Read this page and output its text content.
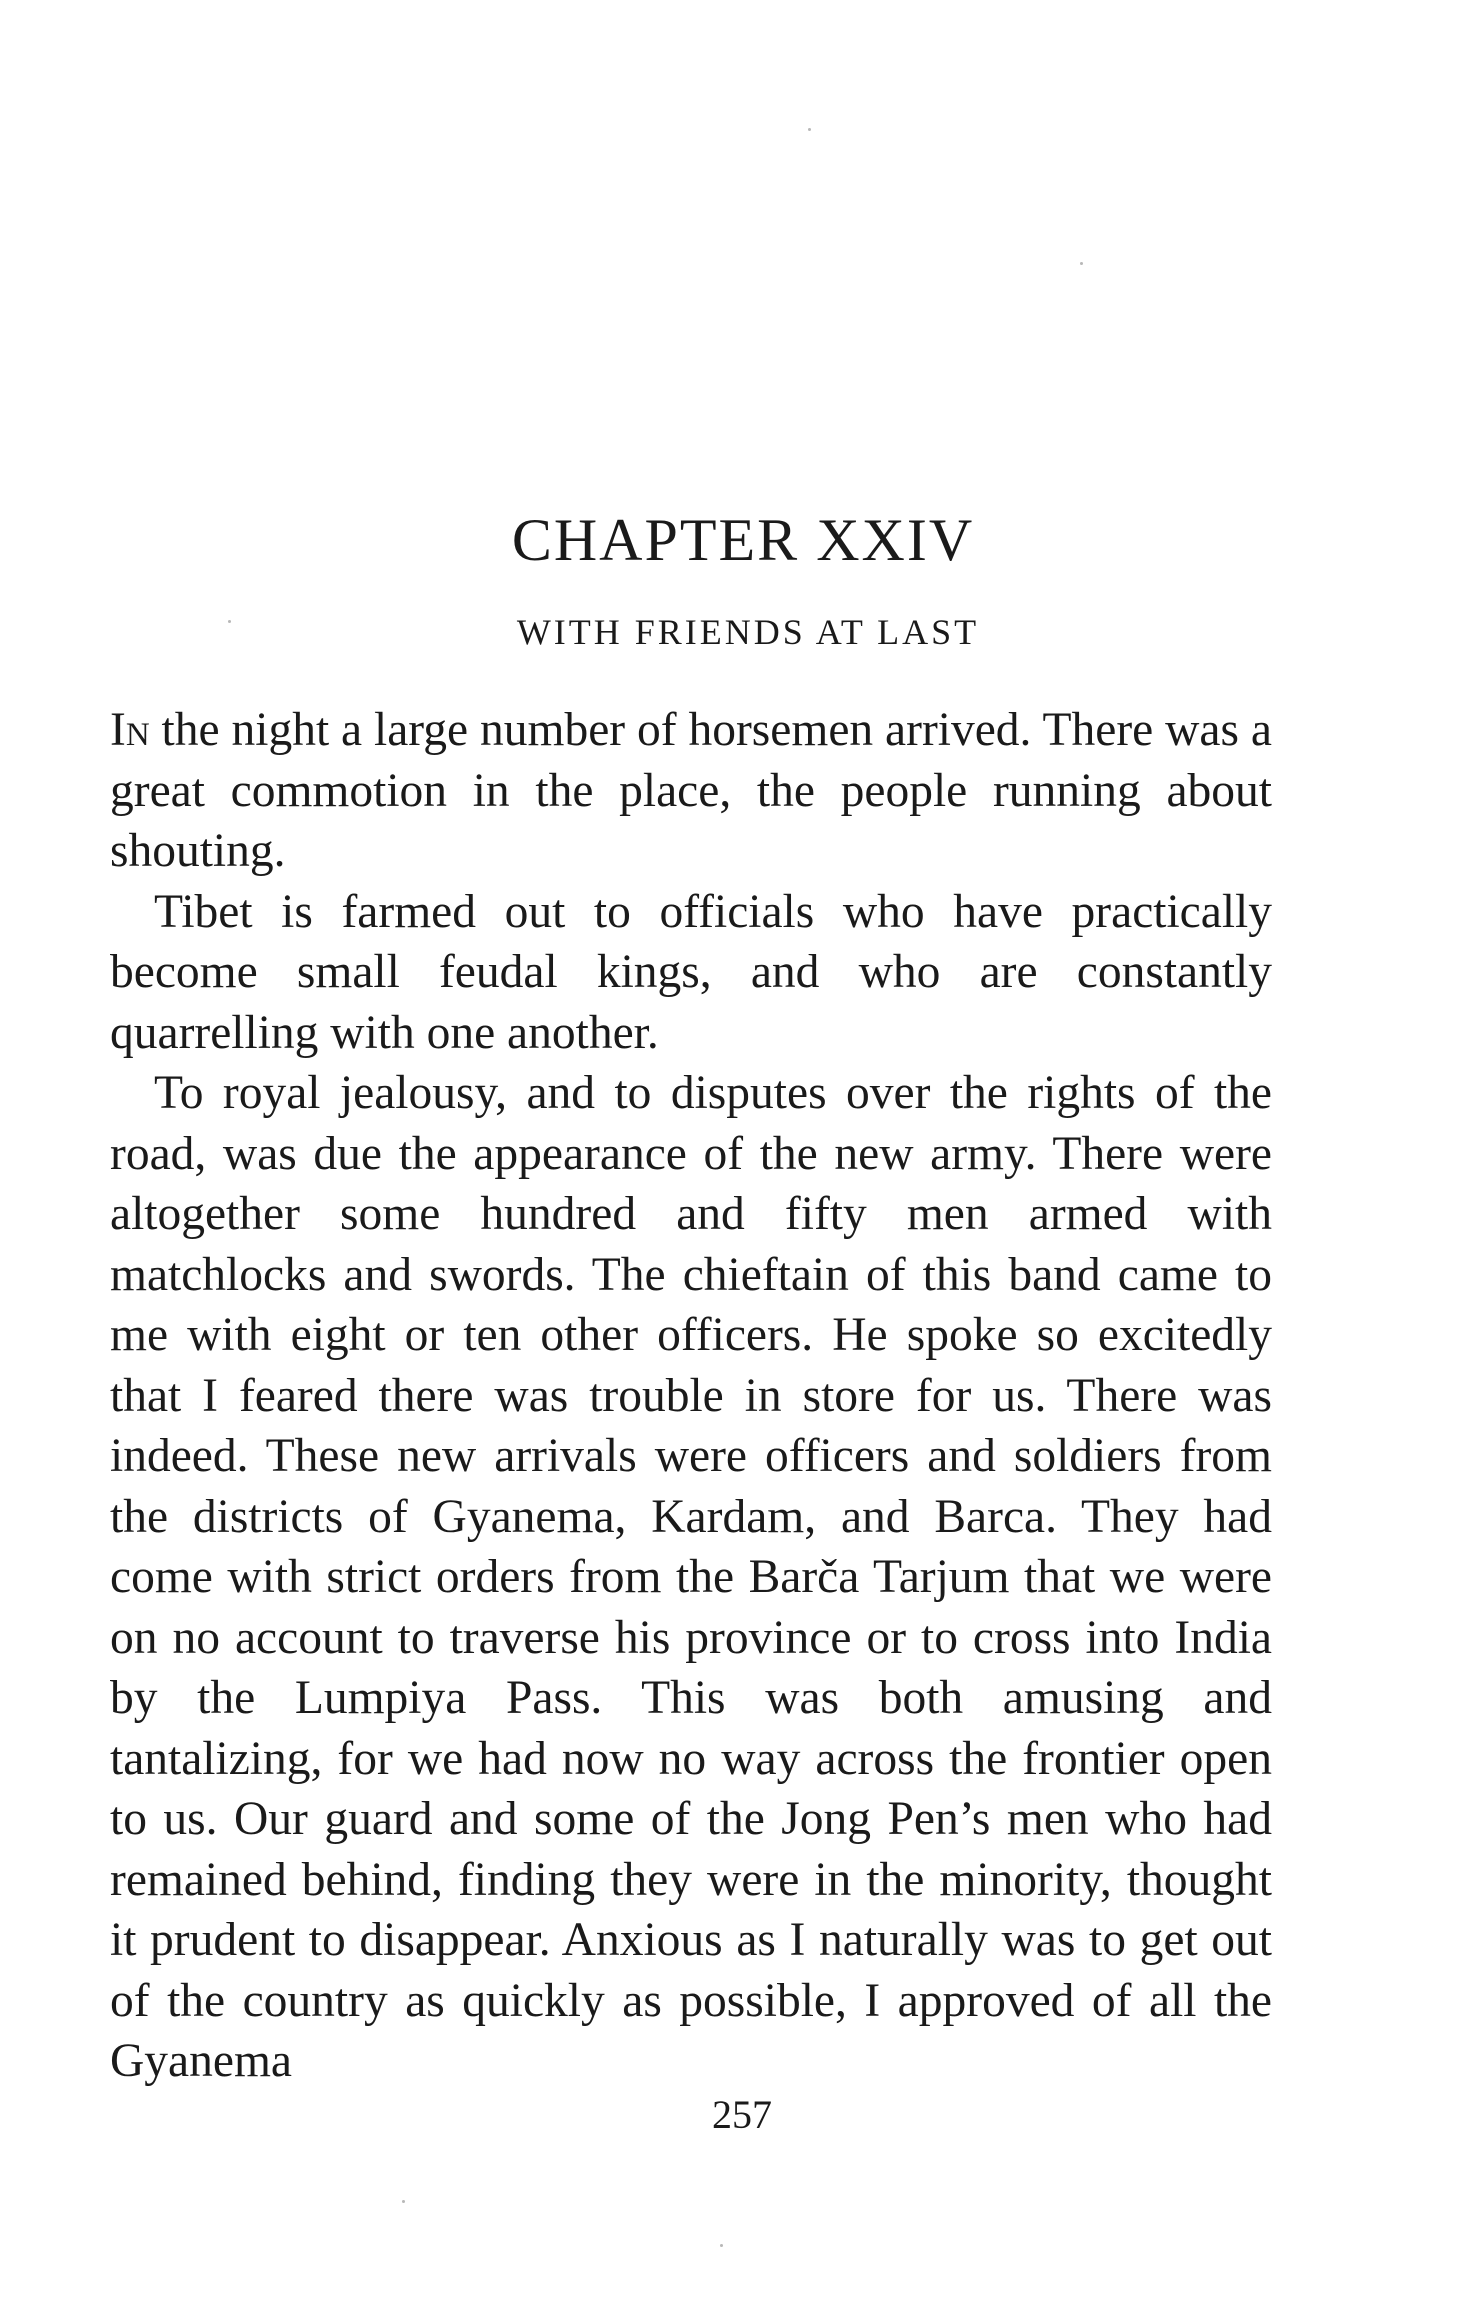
CHAPTER XXIV
WITH FRIENDS AT LAST

In the night a large number of horsemen arrived. There was a great commotion in the place, the people running about shouting.

Tibet is farmed out to officials who have practically become small feudal kings, and who are constantly quarrelling with one another.

To royal jealousy, and to disputes over the rights of the road, was due the appearance of the new army. There were altogether some hundred and fifty men armed with matchlocks and swords. The chieftain of this band came to me with eight or ten other officers. He spoke so excitedly that I feared there was trouble in store for us. There was indeed. These new arrivals were officers and soldiers from the districts of Gyanema, Kardam, and Barca. They had come with strict orders from the Barča Tarjum that we were on no account to traverse his province or to cross into India by the Lumpiya Pass. This was both amusing and tantalizing, for we had now no way across the frontier open to us. Our guard and some of the Jong Pen’s men who had remained behind, finding they were in the minority, thought it prudent to disappear. Anxious as I naturally was to get out of the country as quickly as possible, I approved of all the Gyanema

257
